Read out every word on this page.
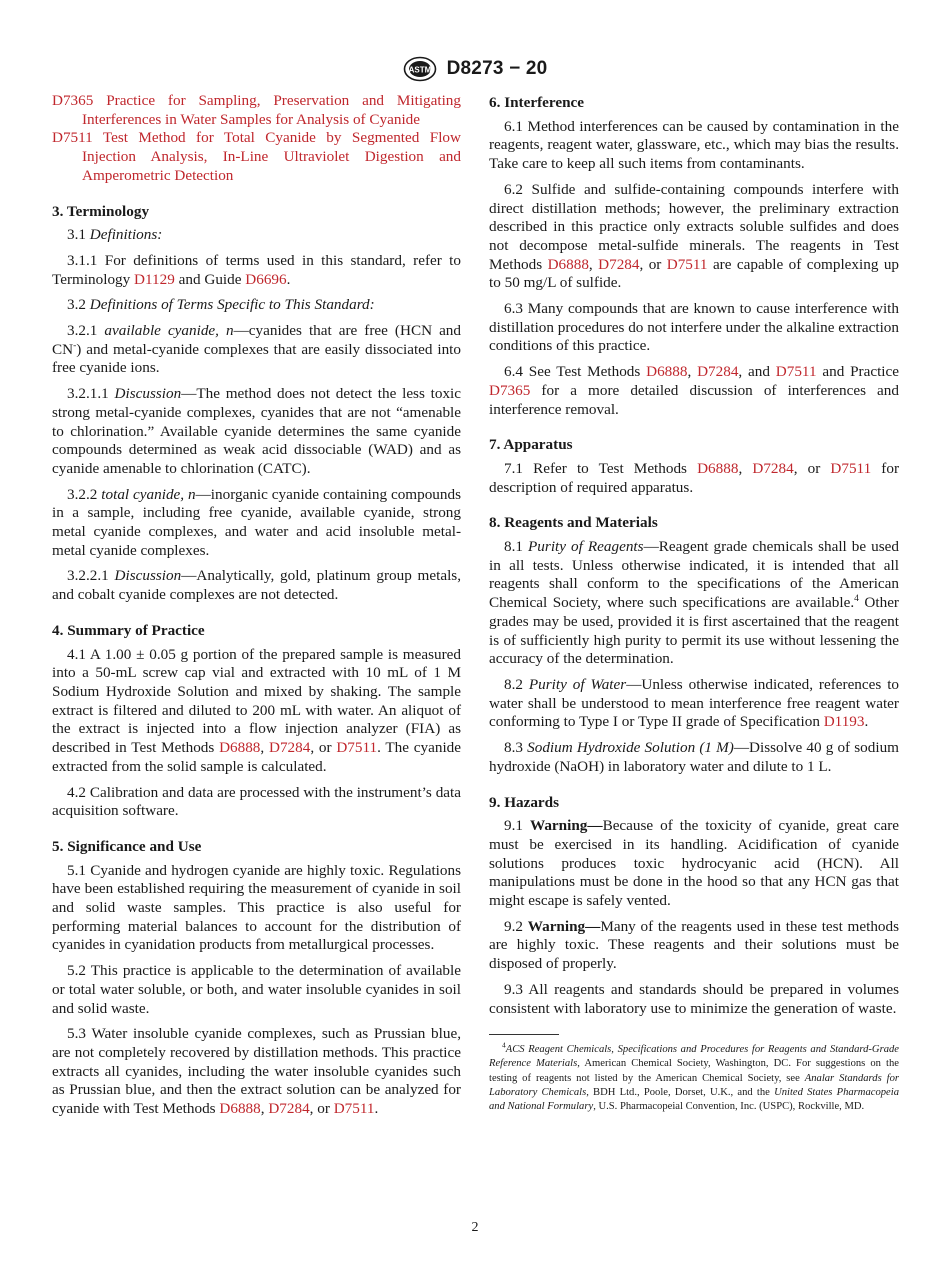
ASTM D8273 − 20

D7365 Practice for Sampling, Preservation and Mitigating Interferences in Water Samples for Analysis of Cyanide

D7511 Test Method for Total Cyanide by Segmented Flow Injection Analysis, In-Line Ultraviolet Digestion and Amperometric Detection

3. Terminology

3.1 Definitions:

3.1.1 For definitions of terms used in this standard, refer to Terminology D1129 and Guide D6696.

3.2 Definitions of Terms Specific to This Standard:

3.2.1 available cyanide, n—cyanides that are free (HCN and CN-) and metal-cyanide complexes that are easily dissociated into free cyanide ions.

3.2.1.1 Discussion—The method does not detect the less toxic strong metal-cyanide complexes, cyanides that are not “amenable to chlorination.” Available cyanide determines the same cyanide compounds determined as weak acid dissociable (WAD) and as cyanide amenable to chlorination (CATC).

3.2.2 total cyanide, n—inorganic cyanide containing compounds in a sample, including free cyanide, available cyanide, strong metal cyanide complexes, and water and acid insoluble metal-metal cyanide complexes.

3.2.2.1 Discussion—Analytically, gold, platinum group metals, and cobalt cyanide complexes are not detected.

4. Summary of Practice

4.1 A 1.00 ± 0.05 g portion of the prepared sample is measured into a 50-mL screw cap vial and extracted with 10 mL of 1 M Sodium Hydroxide Solution and mixed by shaking. The sample extract is filtered and diluted to 200 mL with water. An aliquot of the extract is injected into a flow injection analyzer (FIA) as described in Test Methods D6888, D7284, or D7511. The cyanide extracted from the solid sample is calculated.

4.2 Calibration and data are processed with the instrument’s data acquisition software.

5. Significance and Use

5.1 Cyanide and hydrogen cyanide are highly toxic. Regulations have been established requiring the measurement of cyanide in soil and solid waste samples. This practice is also useful for performing material balances to account for the distribution of cyanides in cyanidation products from metallurgical processes.

5.2 This practice is applicable to the determination of available or total water soluble, or both, and water insoluble cyanides in soil and solid waste.

5.3 Water insoluble cyanide complexes, such as Prussian blue, are not completely recovered by distillation methods. This practice extracts all cyanides, including the water insoluble cyanides such as Prussian blue, and then the extract solution can be analyzed for cyanide with Test Methods D6888, D7284, or D7511.

6. Interference

6.1 Method interferences can be caused by contamination in the reagents, reagent water, glassware, etc., which may bias the results. Take care to keep all such items from contaminants.

6.2 Sulfide and sulfide-containing compounds interfere with direct distillation methods; however, the preliminary extraction described in this practice only extracts soluble sulfides and does not decompose metal-sulfide minerals. The reagents in Test Methods D6888, D7284, or D7511 are capable of complexing up to 50 mg/L of sulfide.

6.3 Many compounds that are known to cause interference with distillation procedures do not interfere under the alkaline extraction conditions of this practice.

6.4 See Test Methods D6888, D7284, and D7511 and Practice D7365 for a more detailed discussion of interferences and interference removal.

7. Apparatus

7.1 Refer to Test Methods D6888, D7284, or D7511 for description of required apparatus.

8. Reagents and Materials

8.1 Purity of Reagents—Reagent grade chemicals shall be used in all tests. Unless otherwise indicated, it is intended that all reagents shall conform to the specifications of the American Chemical Society, where such specifications are available.$^4$ Other grades may be used, provided it is first ascertained that the reagent is of sufficiently high purity to permit its use without lessening the accuracy of the determination.

8.2 Purity of Water—Unless otherwise indicated, references to water shall be understood to mean interference free reagent water conforming to Type I or Type II grade of Specification D1193.

8.3 Sodium Hydroxide Solution (1 M)—Dissolve 40 g of sodium hydroxide (NaOH) in laboratory water and dilute to 1 L.

9. Hazards

9.1 Warning—Because of the toxicity of cyanide, great care must be exercised in its handling. Acidification of cyanide solutions produces toxic hydrocyanic acid (HCN). All manipulations must be done in the hood so that any HCN gas that might escape is safely vented.

9.2 Warning—Many of the reagents used in these test methods are highly toxic. These reagents and their solutions must be disposed of properly.

9.3 All reagents and standards should be prepared in volumes consistent with laboratory use to minimize the generation of waste.

$^4$ACS Reagent Chemicals, Specifications and Procedures for Reagents and Standard-Grade Reference Materials, American Chemical Society, Washington, DC. For suggestions on the testing of reagents not listed by the American Chemical Society, see Analar Standards for Laboratory Chemicals, BDH Ltd., Poole, Dorset, U.K., and the United States Pharmacopeia and National Formulary, U.S. Pharmacopeial Convention, Inc. (USPC), Rockville, MD.

2
